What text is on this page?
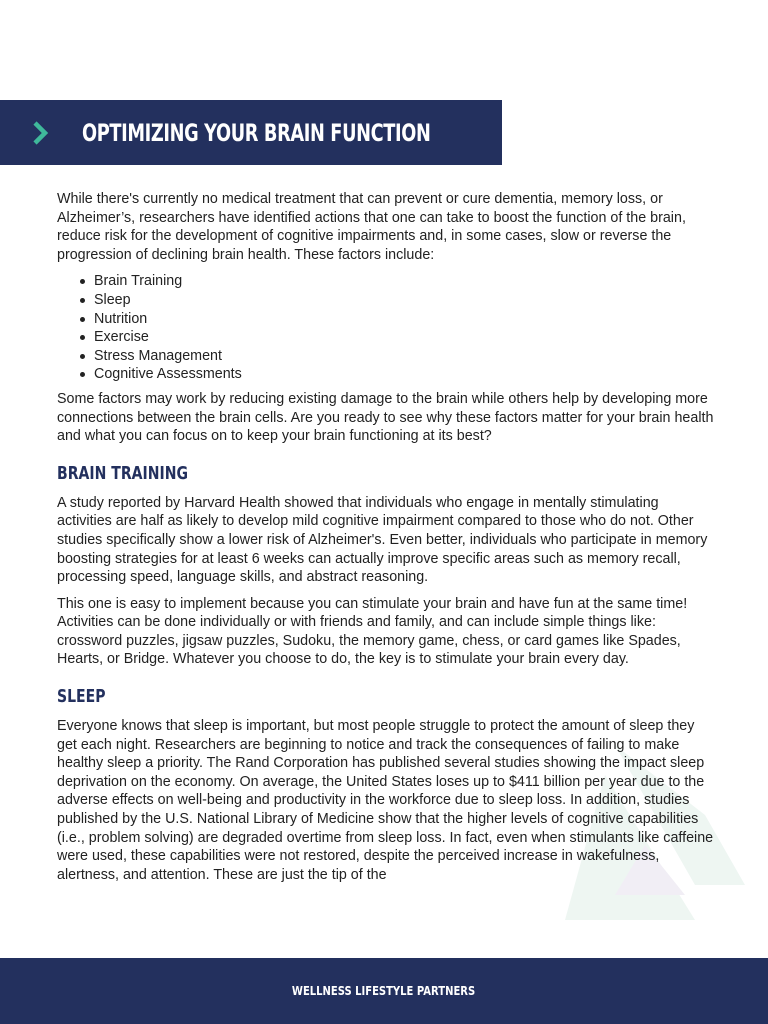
OPTIMIZING YOUR BRAIN FUNCTION

While there's currently no medical treatment that can prevent or cure dementia, memory loss, or Alzheimer’s, researchers have identified actions that one can take to boost the function of the brain, reduce risk for the development of cognitive impairments and, in some cases, slow or reverse the progression of declining brain health. These factors include:

Brain Training
Sleep
Nutrition
Exercise
Stress Management
Cognitive Assessments

Some factors may work by reducing existing damage to the brain while others help by developing more connections between the brain cells. Are you ready to see why these factors matter for your brain health and what you can focus on to keep your brain functioning at its best?

BRAIN TRAINING

A study reported by Harvard Health showed that individuals who engage in mentally stimulating activities are half as likely to develop mild cognitive impairment compared to those who do not. Other studies specifically show a lower risk of Alzheimer's. Even better, individuals who participate in memory boosting strategies for at least 6 weeks can actually improve specific areas such as memory recall, processing speed, language skills, and abstract reasoning.

This one is easy to implement because you can stimulate your brain and have fun at the same time! Activities can be done individually or with friends and family, and can include simple things like: crossword puzzles, jigsaw puzzles, Sudoku, the memory game, chess, or card games like Spades, Hearts, or Bridge. Whatever you choose to do, the key is to stimulate your brain every day.

SLEEP

Everyone knows that sleep is important, but most people struggle to protect the amount of sleep they get each night. Researchers are beginning to notice and track the consequences of failing to make healthy sleep a priority. The Rand Corporation has published several studies showing the impact sleep deprivation on the economy. On average, the United States loses up to $411 billion per year due to the adverse effects on well-being and productivity in the workforce due to sleep loss. In addition, studies published by the U.S. National Library of Medicine show that the higher levels of cognitive capabilities (i.e., problem solving) are degraded overtime from sleep loss. In fact, even when stimulants like caffeine were used, these capabilities were not restored, despite the perceived increase in wakefulness, alertness, and attention. These are just the tip of the

WELLNESS LIFESTYLE PARTNERS
